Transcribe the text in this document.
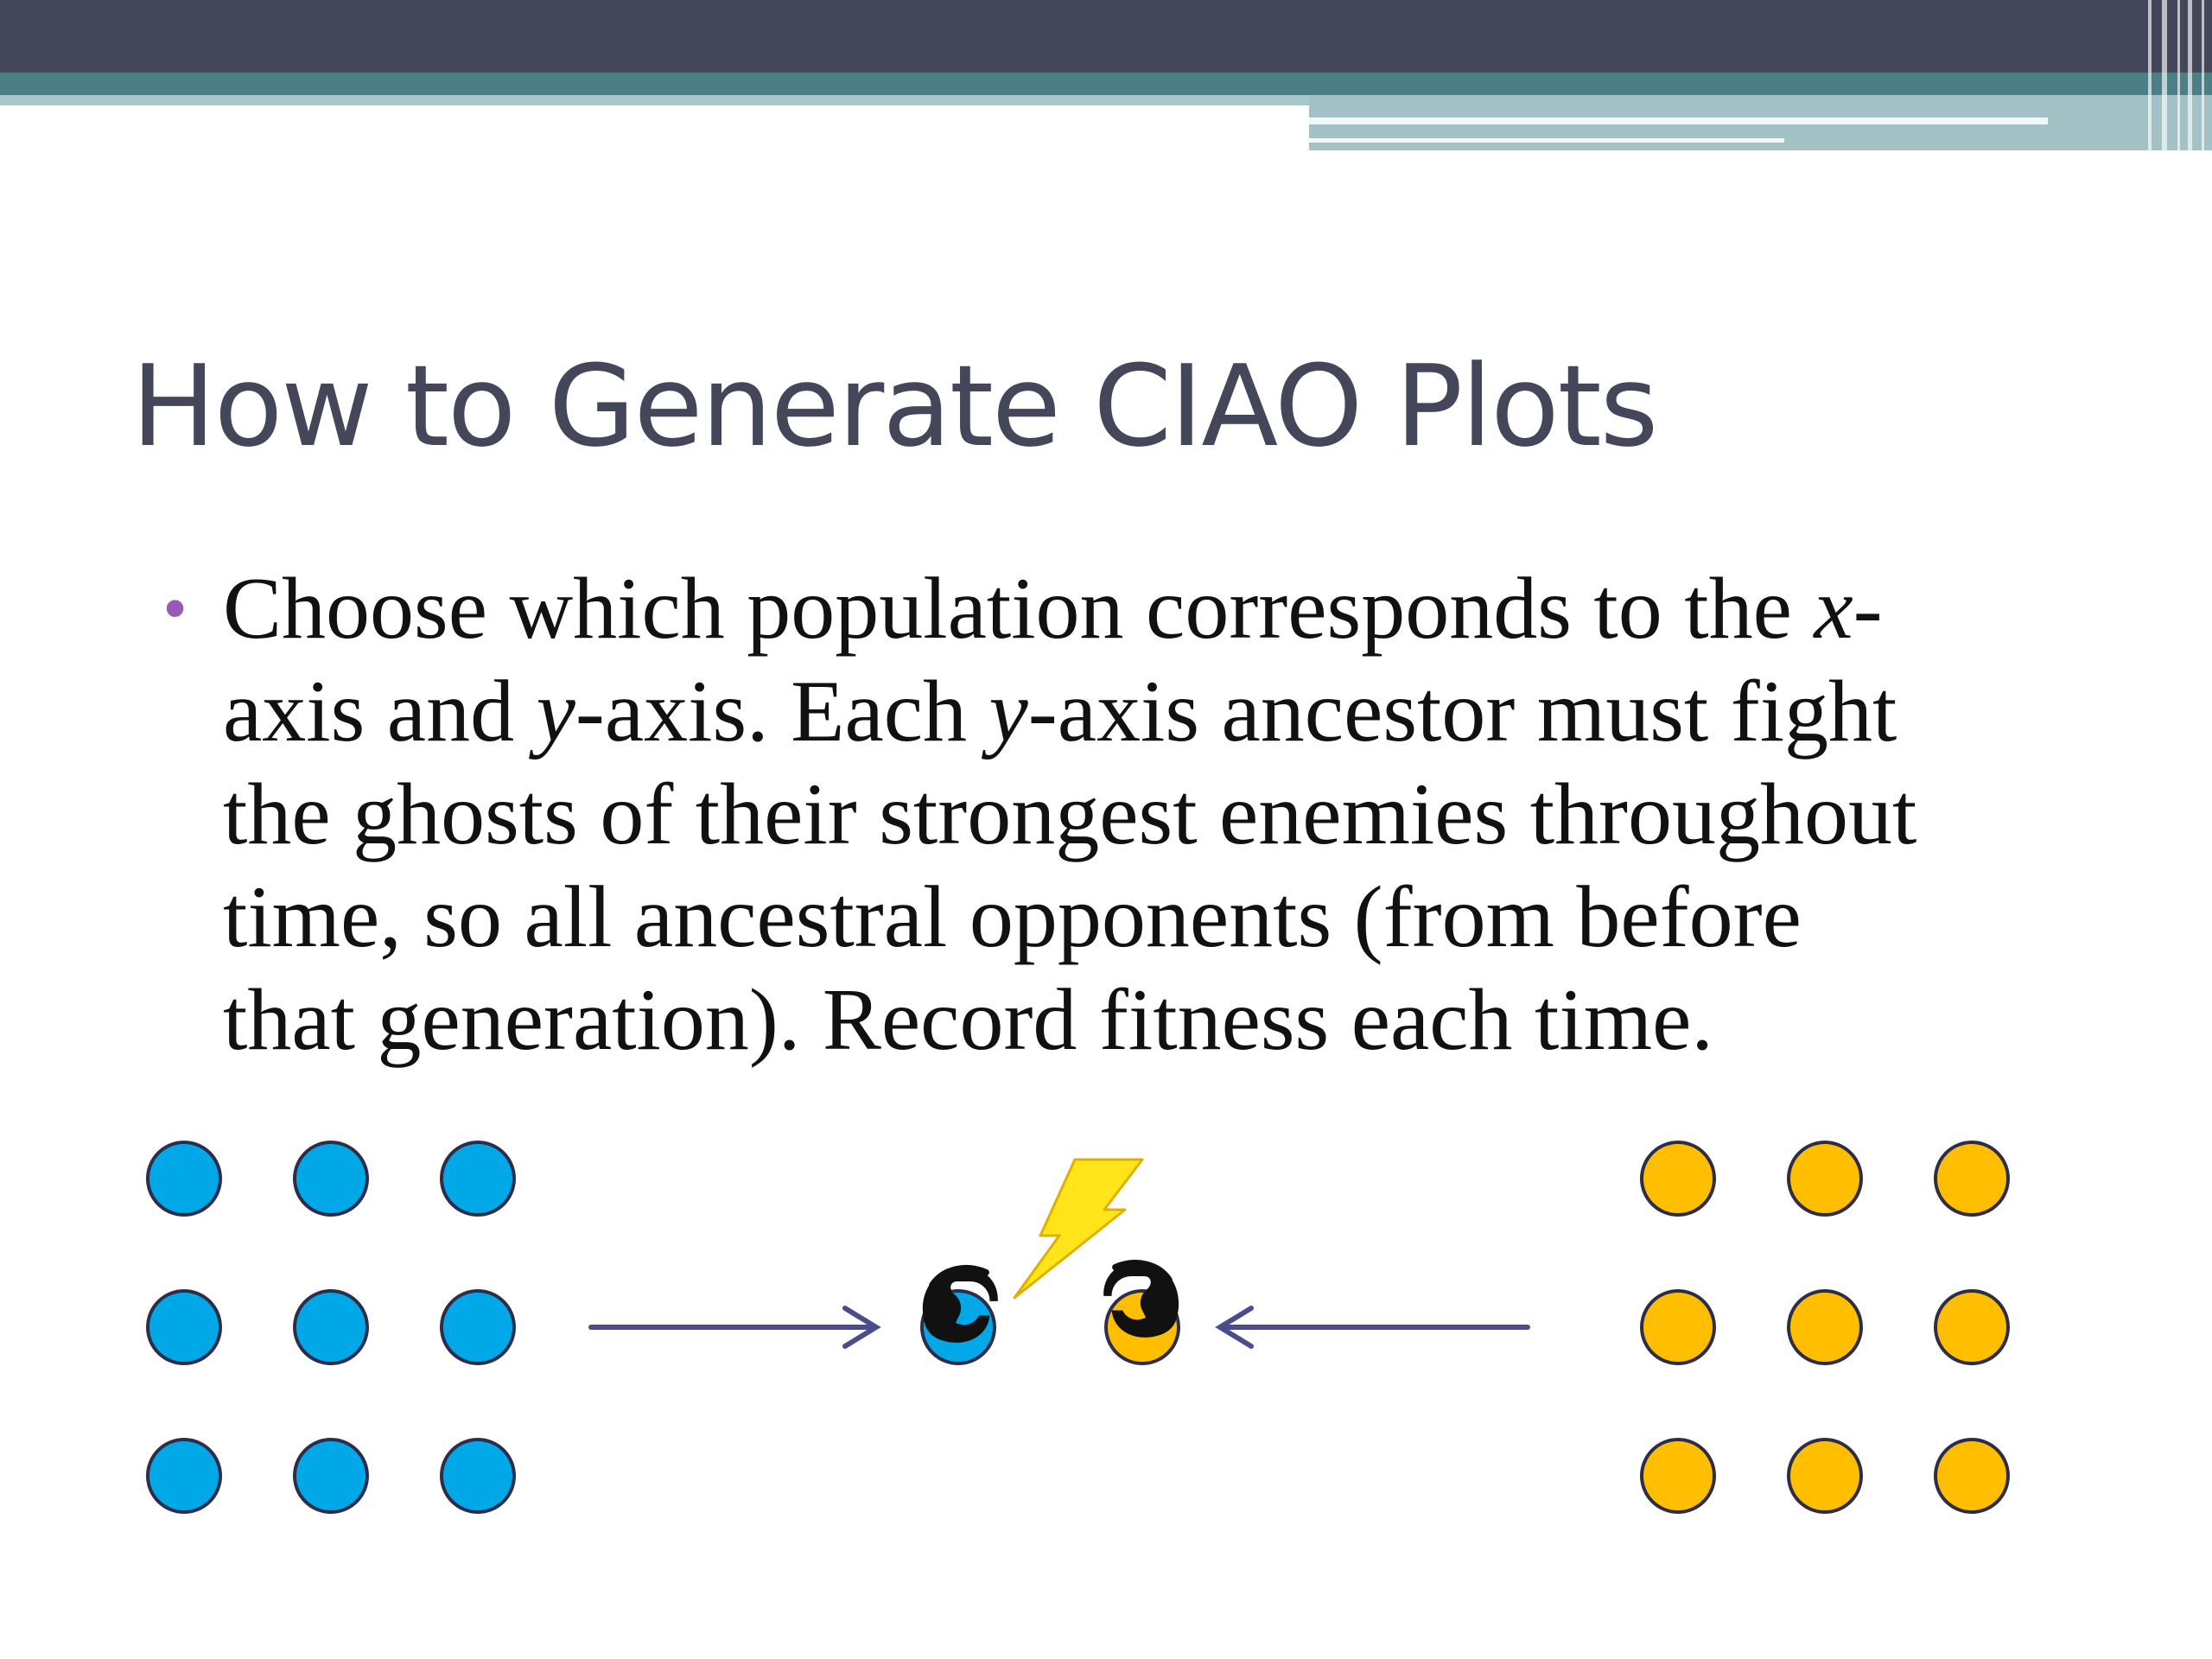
How to Generate CIAO Plots
• Choose which population corresponds to the x-
axis and y-axis. Each y-axis ancestor must fight
the ghosts of their strongest enemies throughout
time, so all ancestral opponents (from before
that generation). Record fitness each time.
